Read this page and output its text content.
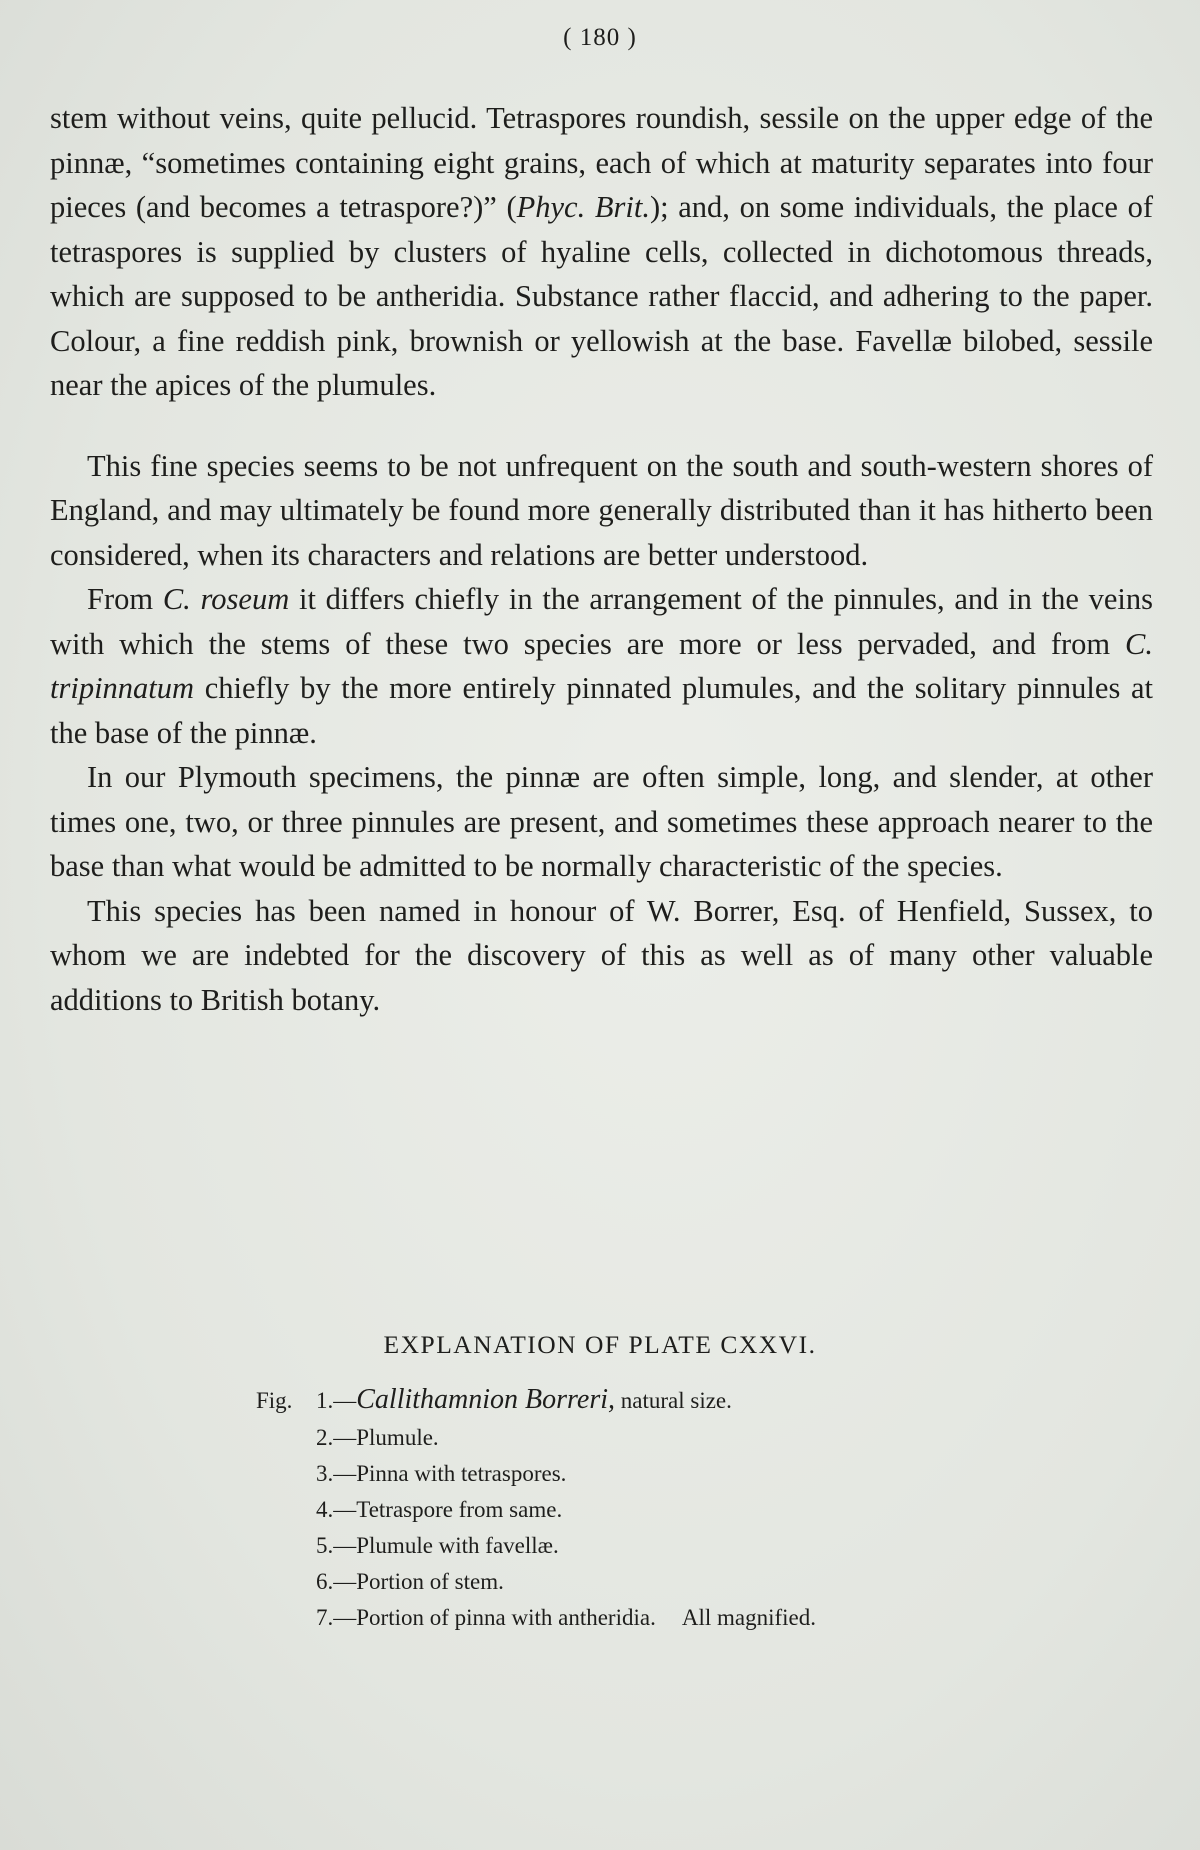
( 180 )

stem without veins, quite pellucid. Tetraspores roundish, sessile on the upper edge of the pinnæ, “sometimes containing eight grains, each of which at maturity separates into four pieces (and becomes a tetraspore?)” (Phyc. Brit.); and, on some individuals, the place of tetraspores is supplied by clusters of hyaline cells, collected in dichotomous threads, which are supposed to be antheridia. Substance rather flaccid, and adhering to the paper. Colour, a fine reddish pink, brownish or yellowish at the base. Favellæ bilobed, sessile near the apices of the plumules.

This fine species seems to be not unfrequent on the south and south-western shores of England, and may ultimately be found more generally distributed than it has hitherto been considered, when its characters and relations are better understood.

From C. roseum it differs chiefly in the arrangement of the pinnules, and in the veins with which the stems of these two species are more or less pervaded, and from C. tripinnatum chiefly by the more entirely pinnated plumules, and the solitary pinnules at the base of the pinnæ.

In our Plymouth specimens, the pinnæ are often simple, long, and slender, at other times one, two, or three pinnules are present, and sometimes these approach nearer to the base than what would be admitted to be normally characteristic of the species.

This species has been named in honour of W. Borrer, Esq. of Henfield, Sussex, to whom we are indebted for the discovery of this as well as of many other valuable additions to British botany.

EXPLANATION OF PLATE CXXVI.
Fig. 1.—Callithamnion Borreri, natural size.
2.—Plumule.
3.—Pinna with tetraspores.
4.—Tetraspore from same.
5.—Plumule with favellæ.
6.—Portion of stem.
7.—Portion of pinna with antheridia. All magnified.
